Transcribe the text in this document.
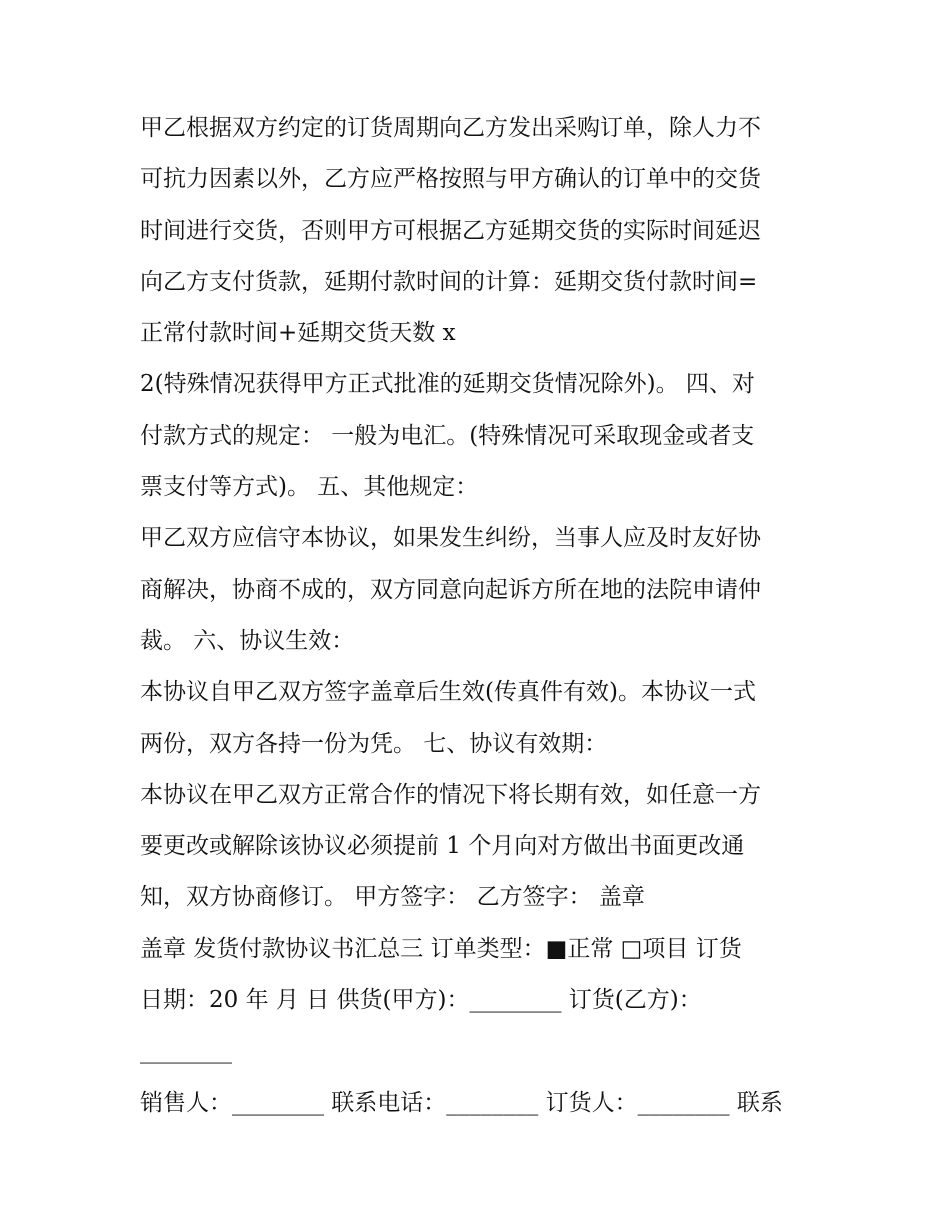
甲乙根据双方约定的订货周期向乙方发出采购订单，除人力不
可抗力因素以外，乙方应严格按照与甲方确认的订单中的交货
时间进行交货，否则甲方可根据乙方延期交货的实际时间延迟
向乙方支付货款，延期付款时间的计算：延期交货付款时间=
正常付款时间+延期交货天数 x
2(特殊情况获得甲方正式批准的延期交货情况除外)。 四、对
付款方式的规定： 一般为电汇。(特殊情况可采取现金或者支
票支付等方式)。 五、其他规定：
甲乙双方应信守本协议，如果发生纠纷，当事人应及时友好协
商解决，协商不成的，双方同意向起诉方所在地的法院申请仲
裁。 六、协议生效：
本协议自甲乙双方签字盖章后生效(传真件有效)。本协议一式
两份，双方各持一份为凭。 七、协议有效期：
本协议在甲乙双方正常合作的情况下将长期有效，如任意一方
要更改或解除该协议必须提前 1 个月向对方做出书面更改通
知，双方协商修订。 甲方签字： 乙方签字： 盖章
盖章 发货付款协议书汇总三 订单类型：■正常 □项目 订货
日期：20 年 月 日 供货(甲方)：________ 订货(乙方)：
________
销售人：________ 联系电话：________ 订货人：________ 联系
